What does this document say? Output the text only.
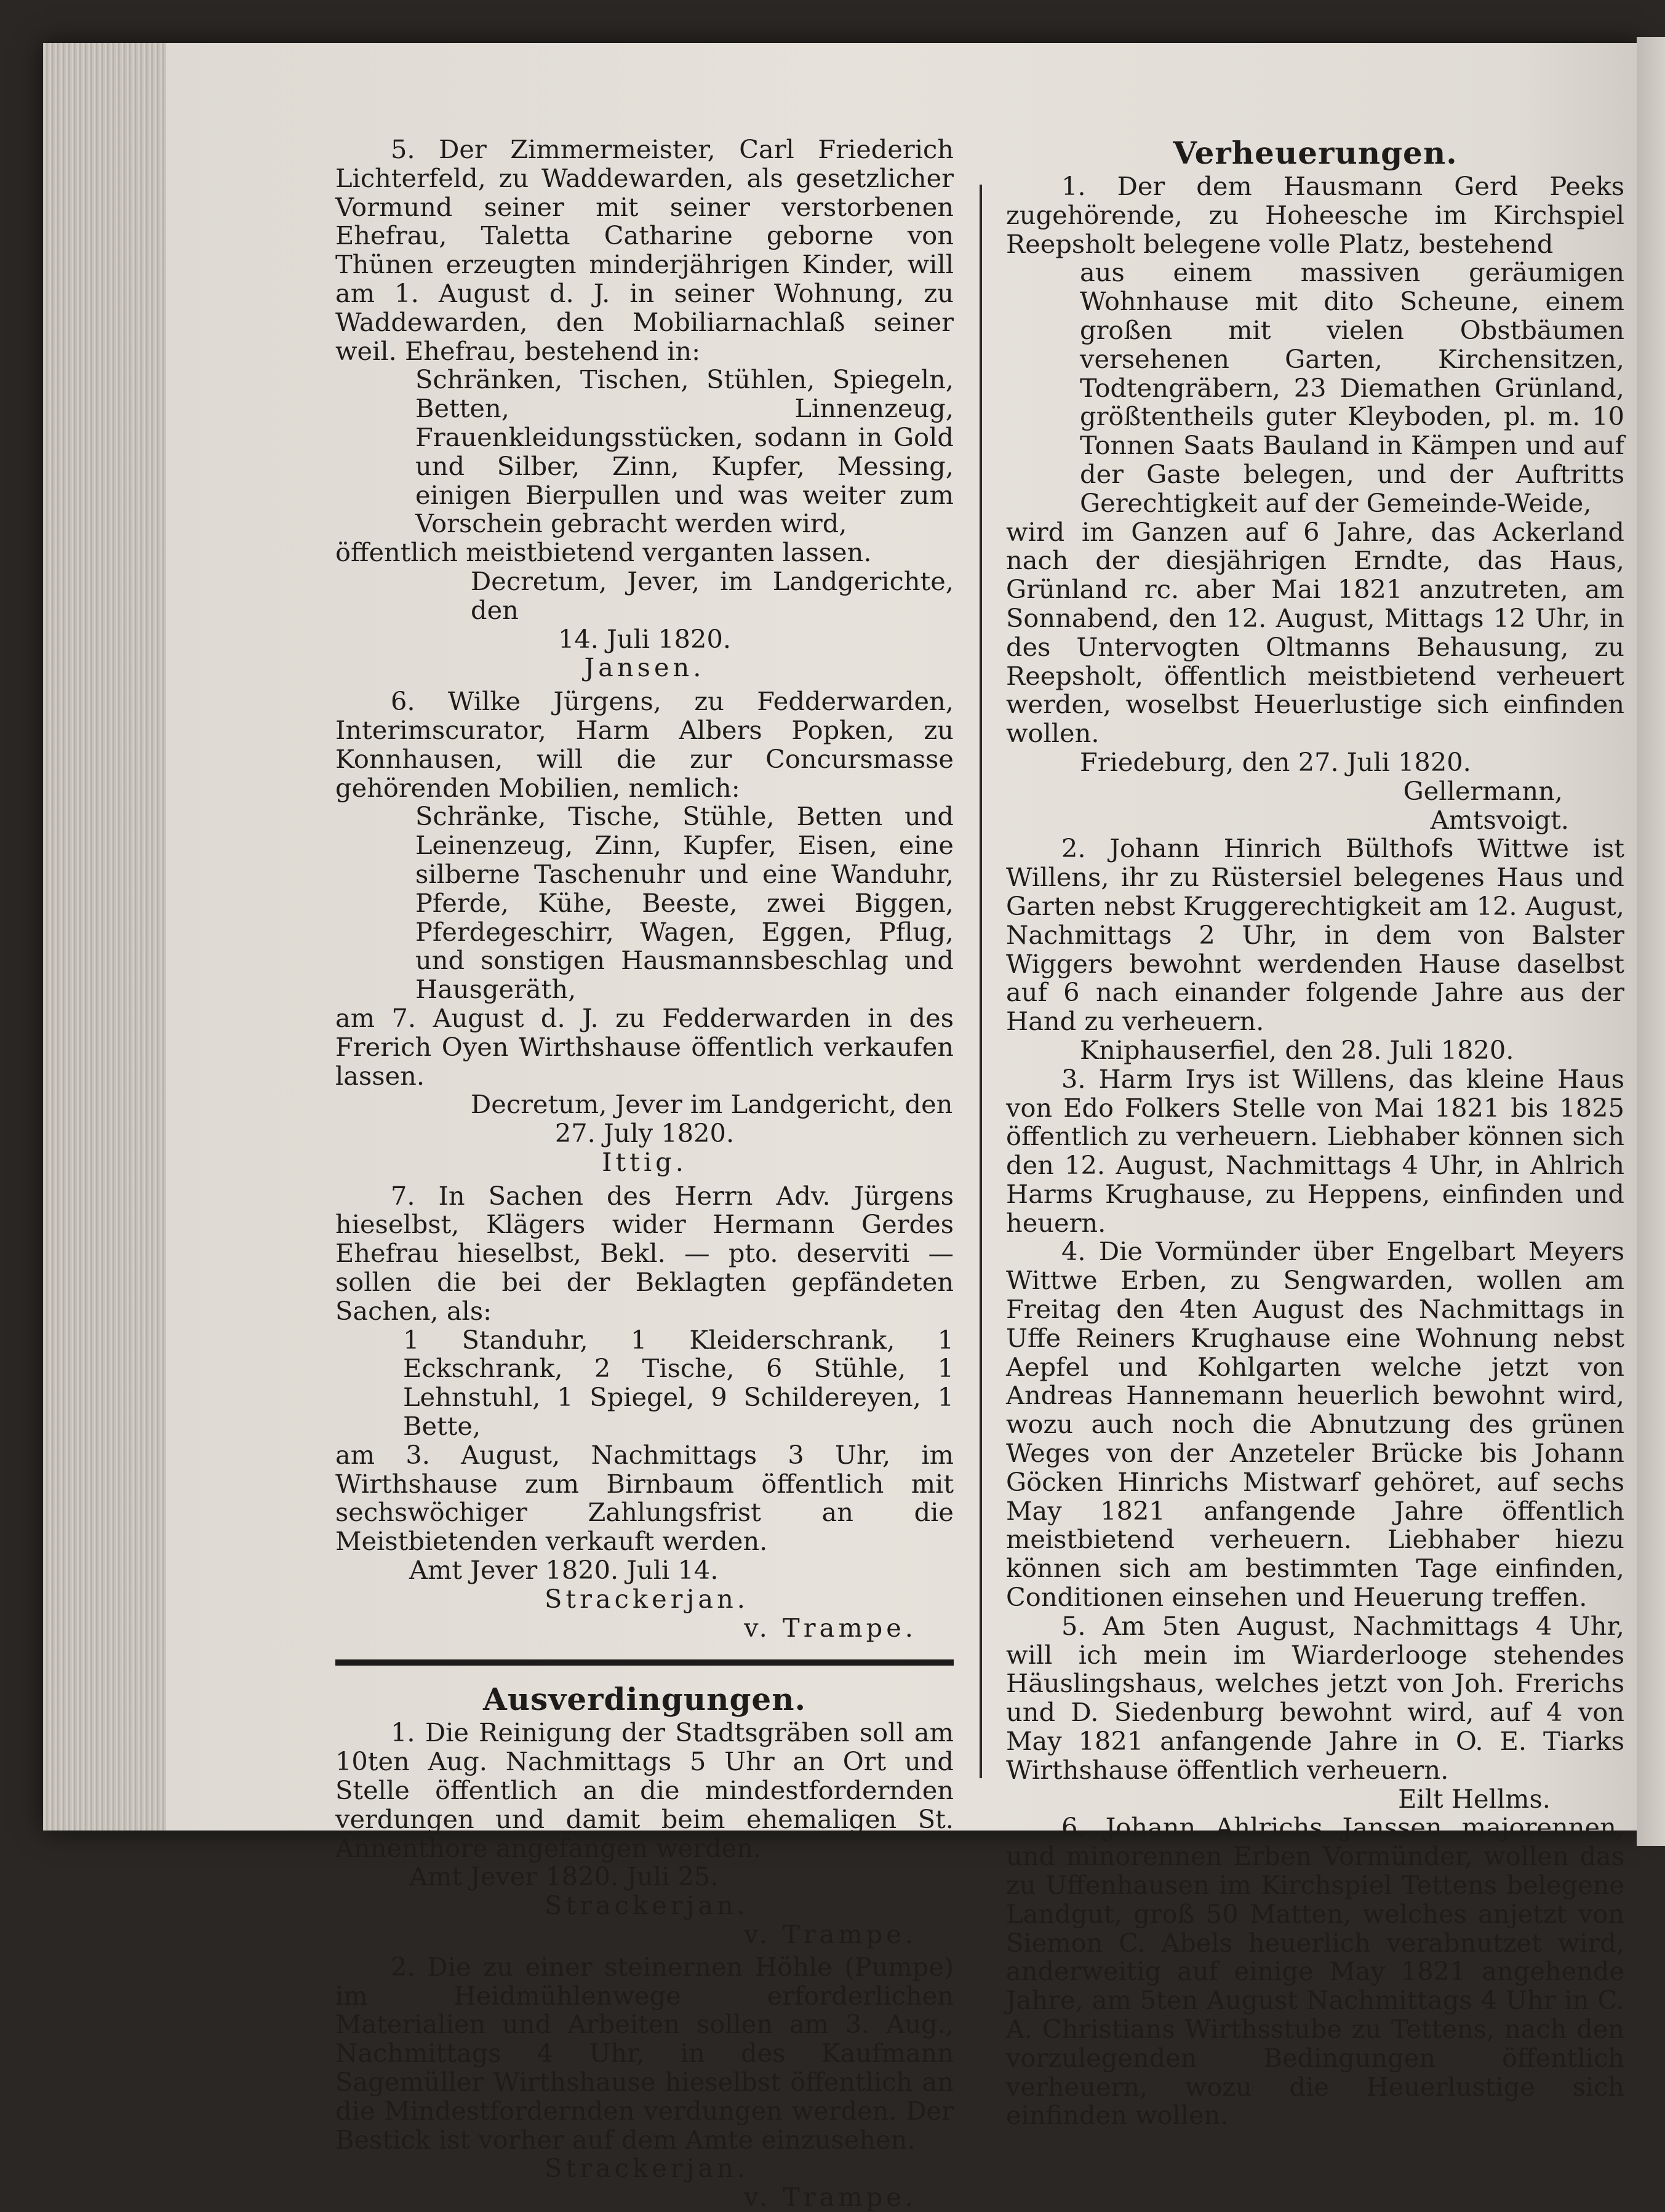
5. Der Zimmermeister, Carl Friederich Lichterfeld, zu Waddewarden, als gesetzlicher Vormund seiner mit seiner verstorbenen Ehefrau, Taletta Catharine geborne von Thünen erzeugten minderjährigen Kinder, will am 1. August d. J. in seiner Wohnung, zu Waddewarden, den Mobiliarnachlaß seiner weil. Ehefrau, bestehend in:

Schränken, Tischen, Stühlen, Spiegeln, Betten, Linnenzeug, Frauenkleidungsstücken, sodann in Gold und Silber, Zinn, Kupfer, Messing, einigen Bierpullen und was weiter zum Vorschein gebracht werden wird,

öffentlich meistbietend verganten lassen.

Decretum, Jever, im Landgerichte, den

14. Juli 1820.

Jansen.

6. Wilke Jürgens, zu Fedderwarden, Interimscurator, Harm Albers Popken, zu Konnhausen, will die zur Concursmasse gehörenden Mobilien, nemlich:

Schränke, Tische, Stühle, Betten und Leinenzeug, Zinn, Kupfer, Eisen, eine silberne Taschenuhr und eine Wanduhr, Pferde, Kühe, Beeste, zwei Biggen, Pferdegeschirr, Wagen, Eggen, Pflug, und sonstigen Hausmannsbeschlag und Hausgeräth,

am 7. August d. J. zu Fedderwarden in des Frerich Oyen Wirthshause öffentlich verkaufen lassen.

Decretum, Jever im Landgericht, den

27. July 1820.

Ittig.

7. In Sachen des Herrn Adv. Jürgens hieselbst, Klägers wider Hermann Gerdes Ehefrau hieselbst, Bekl. — pto. deserviti — sollen die bei der Beklagten gepfändeten Sachen, als:

1 Standuhr, 1 Kleiderschrank, 1 Eckschrank, 2 Tische, 6 Stühle, 1 Lehnstuhl, 1 Spiegel, 9 Schildereyen, 1 Bette,

am 3. August, Nachmittags 3 Uhr, im Wirthshause zum Birnbaum öffentlich mit sechswöchiger Zahlungsfrist an die Meistbietenden verkauft werden.

Amt Jever 1820. Juli 14.

Strackerjan.

v. Trampe.

Ausverdingungen.

1. Die Reinigung der Stadtsgräben soll am 10ten Aug. Nachmittags 5 Uhr an Ort und Stelle öffentlich an die mindestfordernden verdungen und damit beim ehemaligen St. Annenthore angefangen werden.

Amt Jever 1820. Juli 25.

Strackerjan.

v. Trampe.

2. Die zu einer steinernen Höhle (Pumpe) im Heidmühlenwege erforderlichen Materialien und Arbeiten sollen am 3. Aug., Nachmittags 4 Uhr, in des Kaufmann Sagemüller Wirthshause hieselbst öffentlich an die Mindestfordernden verdungen werden. Der Bestick ist vorher auf dem Amte einzusehen.

Strackerjan.

v. Trampe.

Verheuerungen.

1. Der dem Hausmann Gerd Peeks zugehörende, zu Hoheesche im Kirchspiel Reepsholt belegene volle Platz, bestehend

aus einem massiven geräumigen Wohnhause mit dito Scheune, einem großen mit vielen Obstbäumen versehenen Garten, Kirchensitzen, Todtengräbern, 23 Diemathen Grünland, größtentheils guter Kleyboden, pl. m. 10 Tonnen Saats Bauland in Kämpen und auf der Gaste belegen, und der Auftritts Gerechtigkeit auf der Gemeinde-Weide,

wird im Ganzen auf 6 Jahre, das Ackerland nach der diesjährigen Erndte, das Haus, Grünland rc. aber Mai 1821 anzutreten, am Sonnabend, den 12. August, Mittags 12 Uhr, in des Untervogten Oltmanns Behausung, zu Reepsholt, öffentlich meistbietend verheuert werden, woselbst Heuerlustige sich einfinden wollen.

Friedeburg, den 27. Juli 1820.

Gellermann,

Amtsvoigt.

2. Johann Hinrich Bülthofs Wittwe ist Willens, ihr zu Rüstersiel belegenes Haus und Garten nebst Kruggerechtigkeit am 12. August, Nachmittags 2 Uhr, in dem von Balster Wiggers bewohnt werdenden Hause daselbst auf 6 nach einander folgende Jahre aus der Hand zu verheuern.

Kniphauserfiel, den 28. Juli 1820.

3. Harm Irys ist Willens, das kleine Haus von Edo Folkers Stelle von Mai 1821 bis 1825 öffentlich zu verheuern. Liebhaber können sich den 12. August, Nachmittags 4 Uhr, in Ahlrich Harms Krughause, zu Heppens, einfinden und heuern.

4. Die Vormünder über Engelbart Meyers Wittwe Erben, zu Sengwarden, wollen am Freitag den 4ten August des Nachmittags in Uffe Reiners Krughause eine Wohnung nebst Aepfel und Kohlgarten welche jetzt von Andreas Hannemann heuerlich bewohnt wird, wozu auch noch die Abnutzung des grünen Weges von der Anzeteler Brücke bis Johann Göcken Hinrichs Mistwarf gehöret, auf sechs May 1821 anfangende Jahre öffentlich meistbietend verheuern. Liebhaber hiezu können sich am bestimmten Tage einfinden, Conditionen einsehen und Heuerung treffen.

5. Am 5ten August, Nachmittags 4 Uhr, will ich mein im Wiarderlooge stehendes Häuslingshaus, welches jetzt von Joh. Frerichs und D. Siedenburg bewohnt wird, auf 4 von May 1821 anfangende Jahre in O. E. Tiarks Wirthshause öffentlich verheuern.

Eilt Hellms.

6. Johann Ahlrichs Janssen majorennen, und minorennen Erben Vormünder, wollen das zu Uffenhausen im Kirchspiel Tettens belegene Landgut, groß 50 Matten, welches anjetzt von Siemon C. Abels heuerlich verabnutzet wird, anderweitig auf einige May 1821 angehende Jahre, am 5ten August Nachmittags 4 Uhr in C. A. Christians Wirthsstube zu Tettens, nach den vorzulegenden Bedingungen öffentlich verheuern, wozu die Heuerlustige sich einfinden wollen.
